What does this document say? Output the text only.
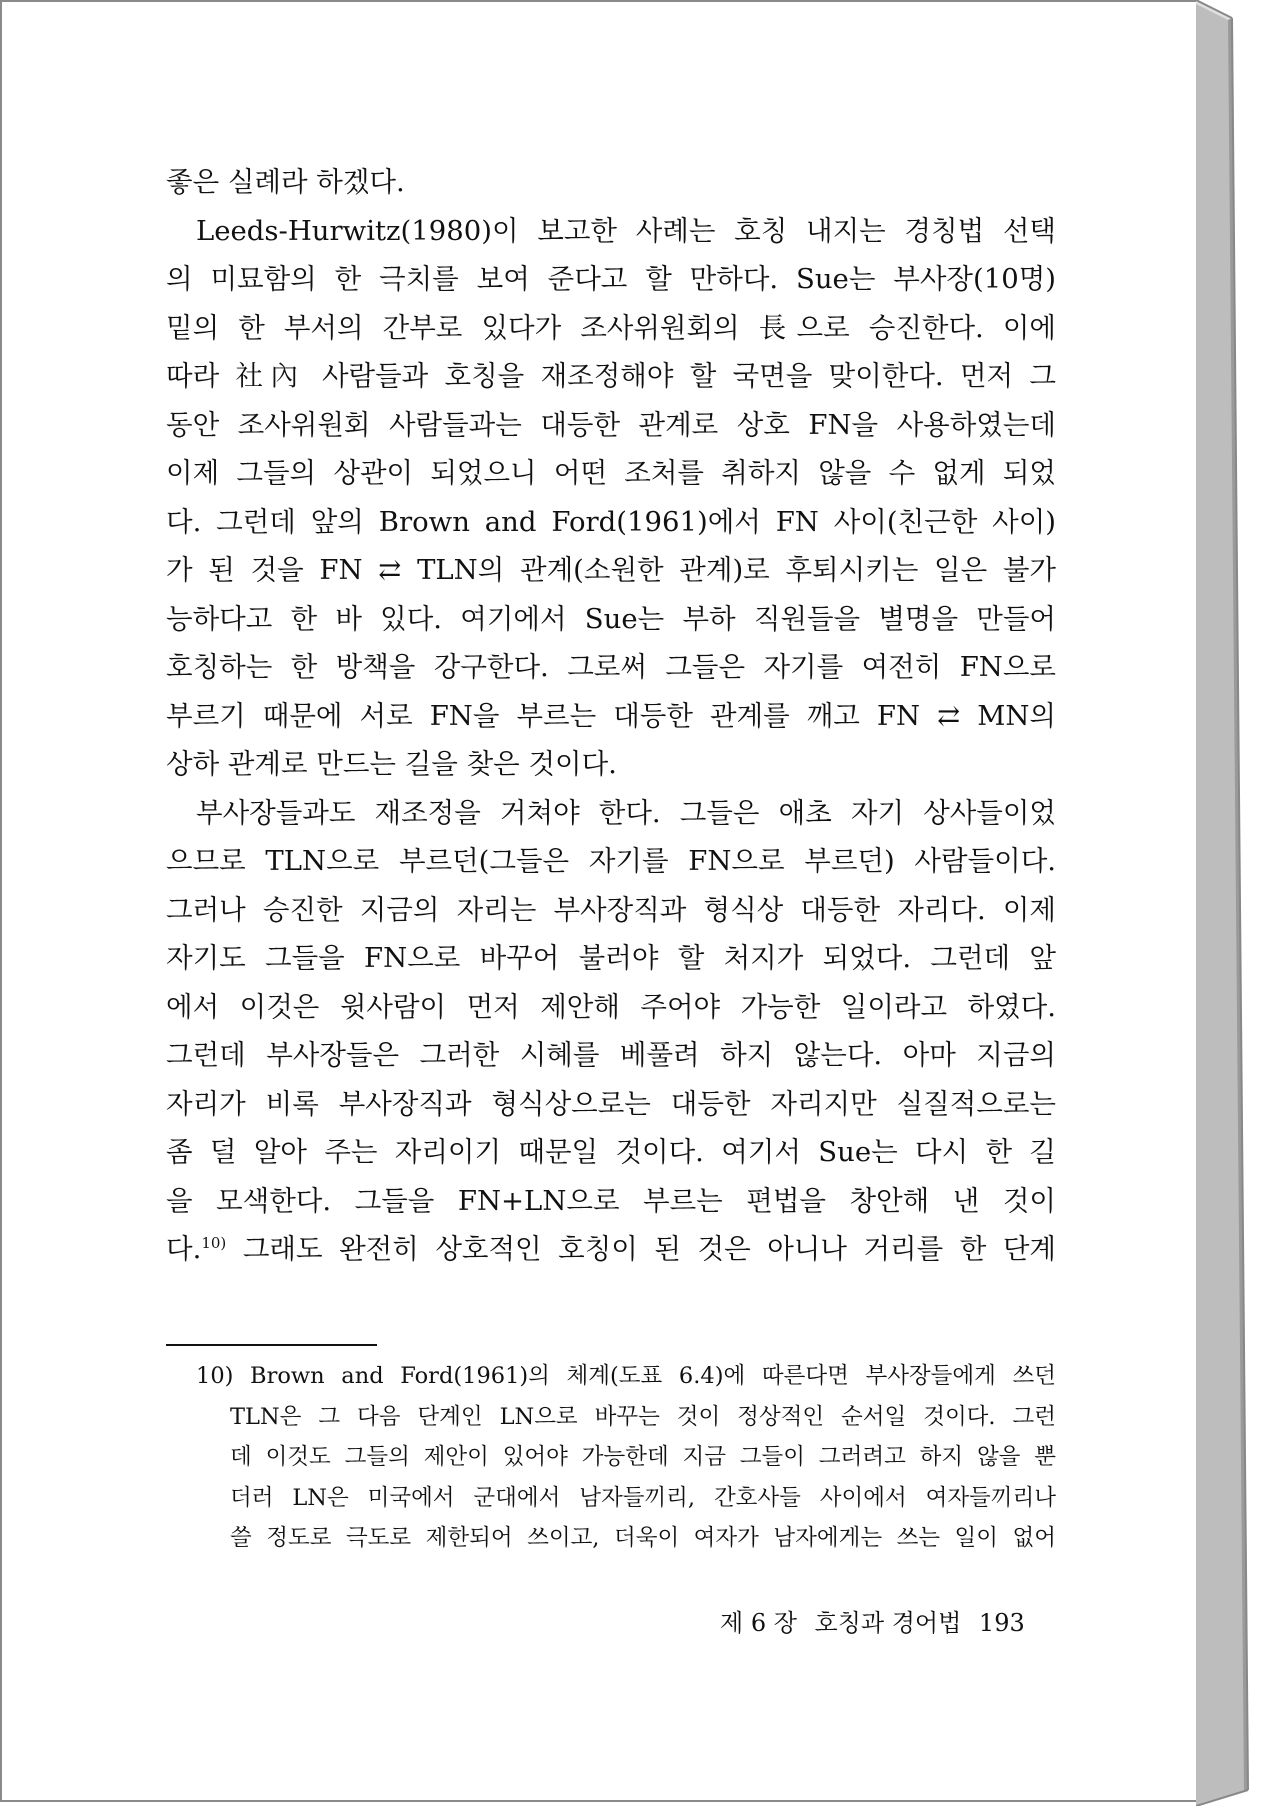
좋은 실례라 하겠다.
Leeds-Hurwitz(1980)이 보고한 사례는 호칭 내지는 경칭법 선택
의 미묘함의 한 극치를 보여 준다고 할 만하다. Sue는 부사장(10명)
밑의 한 부서의 간부로 있다가 조사위원회의 長으로 승진한다. 이에
따라 社內 사람들과 호칭을 재조정해야 할 국면을 맞이한다. 먼저 그
동안 조사위원회 사람들과는 대등한 관계로 상호 FN을 사용하였는데
이제 그들의 상관이 되었으니 어떤 조처를 취하지 않을 수 없게 되었
다. 그런데 앞의 Brown and Ford(1961)에서 FN 사이(친근한 사이)
가 된 것을 FN ⇄ TLN의 관계(소원한 관계)로 후퇴시키는 일은 불가
능하다고 한 바 있다. 여기에서 Sue는 부하 직원들을 별명을 만들어
호칭하는 한 방책을 강구한다. 그로써 그들은 자기를 여전히 FN으로
부르기 때문에 서로 FN을 부르는 대등한 관계를 깨고 FN ⇄ MN의
상하 관계로 만드는 길을 찾은 것이다.
부사장들과도 재조정을 거쳐야 한다. 그들은 애초 자기 상사들이었
으므로 TLN으로 부르던(그들은 자기를 FN으로 부르던) 사람들이다.
그러나 승진한 지금의 자리는 부사장직과 형식상 대등한 자리다. 이제
자기도 그들을 FN으로 바꾸어 불러야 할 처지가 되었다. 그런데 앞
에서 이것은 윗사람이 먼저 제안해 주어야 가능한 일이라고 하였다.
그런데 부사장들은 그러한 시혜를 베풀려 하지 않는다. 아마 지금의
자리가 비록 부사장직과 형식상으로는 대등한 자리지만 실질적으로는
좀 덜 알아 주는 자리이기 때문일 것이다. 여기서 Sue는 다시 한 길
을 모색한다. 그들을 FN+LN으로 부르는 편법을 창안해 낸 것이
다.$^{10)}$ 그래도 완전히 상호적인 호칭이 된 것은 아니나 거리를 한 단계
10) Brown and Ford(1961)의 체계(도표 6.4)에 따른다면 부사장들에게 쓰던
TLN은 그 다음 단계인 LN으로 바꾸는 것이 정상적인 순서일 것이다. 그런
데 이것도 그들의 제안이 있어야 가능한데 지금 그들이 그러려고 하지 않을 뿐
더러 LN은 미국에서 군대에서 남자들끼리, 간호사들 사이에서 여자들끼리나
쓸 정도로 극도로 제한되어 쓰이고, 더욱이 여자가 남자에게는 쓰는 일이 없어
제 6 장 호칭과 경어법 193
